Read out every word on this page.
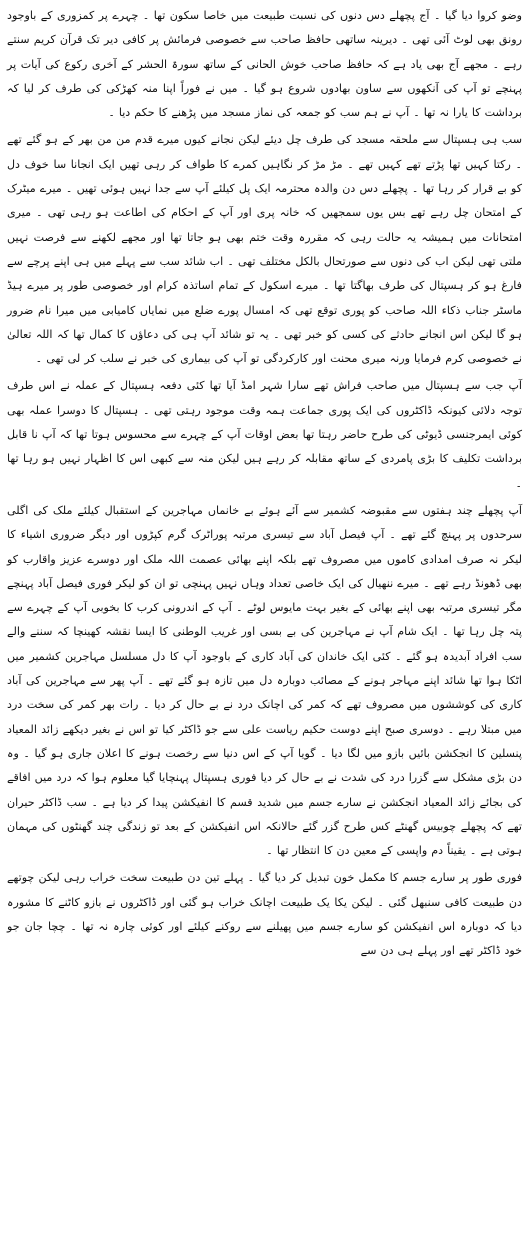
وضو کروا دیا گیا ۔ آج پچھلے دس دنوں کی نسبت طبیعت میں خاصا سکون تھا ۔ چہرے پر کمزوری کے باوجود رونق بھی لوٹ آئی تھی ۔ دیرینہ ساتھی حافظ صاحب سے خصوصی فرمائش پر کافی دیر تک قرآن کریم سنتے رہے ۔ مجھے آج بھی یاد ہے کہ حافظ صاحب خوش الحانی کے ساتھ سورۃ الحشر کے آخری رکوع کی آیات پر پہنچے تو آپ کی آنکھوں سے ساون بھادوں شروع ہو گیا ۔ میں نے فوراً اپنا منہ کھڑکی کی طرف کر لیا کہ برداشت کا یارا نہ تھا ۔ آپ نے ہم سب کو جمعہ کی نماز مسجد میں پڑھنے کا حکم دیا ۔

سب ہی ہسپتال سے ملحقہ مسجد کی طرف چل دیئے لیکن نجانے کیوں میرے قدم من من بھر کے ہو گئے تھے ۔ رکتا کہیں تھا پڑتے تھے کہیں تھے ۔ مڑ مڑ کر نگاہیں کمرے کا طواف کر رہی تھیں ایک انجانا سا خوف دل کو بے قرار کر رہا تھا ۔ پچھلے دس دن والدہ محترمہ ایک پل کیلئے آپ سے جدا نہیں ہوئی تھیں ۔ میرے میٹرک کے امتحان چل رہے تھے بس یوں سمجھیں کہ خانہ پری اور آپ کے احکام کی اطاعت ہو رہی تھی ۔ میری امتحانات میں ہمیشہ یہ حالت رہی کہ مقررہ وقت ختم بھی ہو جاتا تھا اور مجھے لکھنے سے فرصت نہیں ملتی تھی لیکن اب کی دنوں سے صورتحال بالکل مختلف تھی ۔ اب شائد سب سے پہلے میں ہی اپنے پرچے سے فارغ ہو کر ہسپتال کی طرف بھاگتا تھا ۔ میرے اسکول کے تمام اساتذہ کرام اور خصوصی طور پر میرے ہیڈ ماسٹر جناب ذکاء اللہ صاحب کو پوری توقع تھی کہ امسال پورے ضلع میں نمایاں کامیابی میں میرا نام ضرور ہو گا لیکن اس انجانے حادثے کی کسی کو خبر تھی ۔ یہ تو شائد آپ ہی کی دعاؤں کا کمال تھا کہ اللہ تعالیٰ نے خصوصی کرم فرمایا ورنہ میری محنت اور کارکردگی تو آپ کی بیماری کی خبر نے سلب کر لی تھی ۔

آپ جب سے ہسپتال میں صاحب فراش تھے سارا شہر امڈ آیا تھا کئی دفعہ ہسپتال کے عملہ نے اس طرف توجہ دلائی کیونکہ ڈاکٹروں کی ایک پوری جماعت ہمہ وقت موجود رہتی تھی ۔ ہسپتال کا دوسرا عملہ بھی کوئی ایمرجنسی ڈیوٹی کی طرح حاضر رہتا تھا بعض اوقات آپ کے چہرے سے محسوس ہوتا تھا کہ آپ نا قابل برداشت تکلیف کا بڑی پامردی کے ساتھ مقابلہ کر رہے ہیں لیکن منہ سے کبھی اس کا اظہار نہیں ہو رہا تھا ۔

آپ پچھلے چند ہفتوں سے مقبوضہ کشمیر سے آئے ہوئے بے خانماں مہاجرین کے استقبال کیلئے ملک کی اگلی سرحدوں پر پہنچ گئے تھے ۔ آپ فیصل آباد سے تیسری مرتبہ پوراٹرک گرم کپڑوں اور دیگر ضروری اشیاء کا لیکر نہ صرف امدادی کاموں میں مصروف تھے بلکہ اپنے بھائی عصمت اللہ ملک اور دوسرے عزیز واقارب کو بھی ڈھونڈ رہے تھے ۔ میرے ننھیال کی ایک خاصی تعداد وہاں نہیں پہنچی تو ان کو لیکر فوری فیصل آباد پہنچے مگر تیسری مرتبہ بھی اپنے بھائی کے بغیر بہت مایوس لوٹے ۔ آپ کے اندرونی کرب کا بخوبی آپ کے چہرے سے پتہ چل رہا تھا ۔ ایک شام آپ نے مہاجرین کی بے بسی اور غریب الوطنی کا ایسا نقشہ کھینچا کہ سننے والے سب افراد آبدیدہ ہو گئے ۔ کئی ایک خاندان کی آباد کاری کے باوجود آپ کا دل مسلسل مہاجرین کشمیر میں اٹکا ہوا تھا شائد اپنے مہاجر ہونے کے مصائب دوبارہ دل میں تازہ ہو گئے تھے ۔ آپ پھر سے مہاجرین کی آباد کاری کی کوششوں میں مصروف تھے کہ کمر کی اچانک درد نے بے حال کر دیا ۔ رات بھر کمر کی سخت درد میں مبتلا رہے ۔ دوسری صبح اپنے دوست حکیم ریاست علی سے جو ڈاکٹر کیا تو اس نے بغیر دیکھے زائد المعیاد پنسلین کا انجکشن بائیں بازو میں لگا دیا ۔ گویا آپ کے اس دنیا سے رخصت ہونے کا اعلان جاری ہو گیا ۔ وہ دن بڑی مشکل سے گزرا درد کی شدت نے بے حال کر دیا فوری ہسپتال پہنچایا گیا معلوم ہوا کہ درد میں افاقے کی بجائے زائد المعیاد انجکشن نے سارے جسم میں شدید قسم کا انفیکشن پیدا کر دیا ہے ۔ سب ڈاکٹر حیران تھے کہ پچھلے چوبیس گھنٹے کس طرح گزر گئے حالانکہ اس انفیکشن کے بعد تو زندگی چند گھنٹوں کی مہمان ہوتی ہے ۔ یقیناً دم واپسی کے معین دن کا انتظار تھا ۔

فوری طور پر سارے جسم کا مکمل خون تبدیل کر دیا گیا ۔ پہلے تین دن طبیعت سخت خراب رہی لیکن چوتھے دن طبیعت کافی سنبھل گئی ۔ لیکن یکا یک طبیعت اچانک خراب ہو گئی اور ڈاکٹروں نے بازو کاٹنے کا مشورہ دیا کہ دوبارہ اس انفیکشن کو سارے جسم میں پھیلنے سے روکنے کیلئے اور کوئی چارہ نہ تھا ۔ چچا جان جو خود ڈاکٹر تھے اور پہلے ہی دن سے
